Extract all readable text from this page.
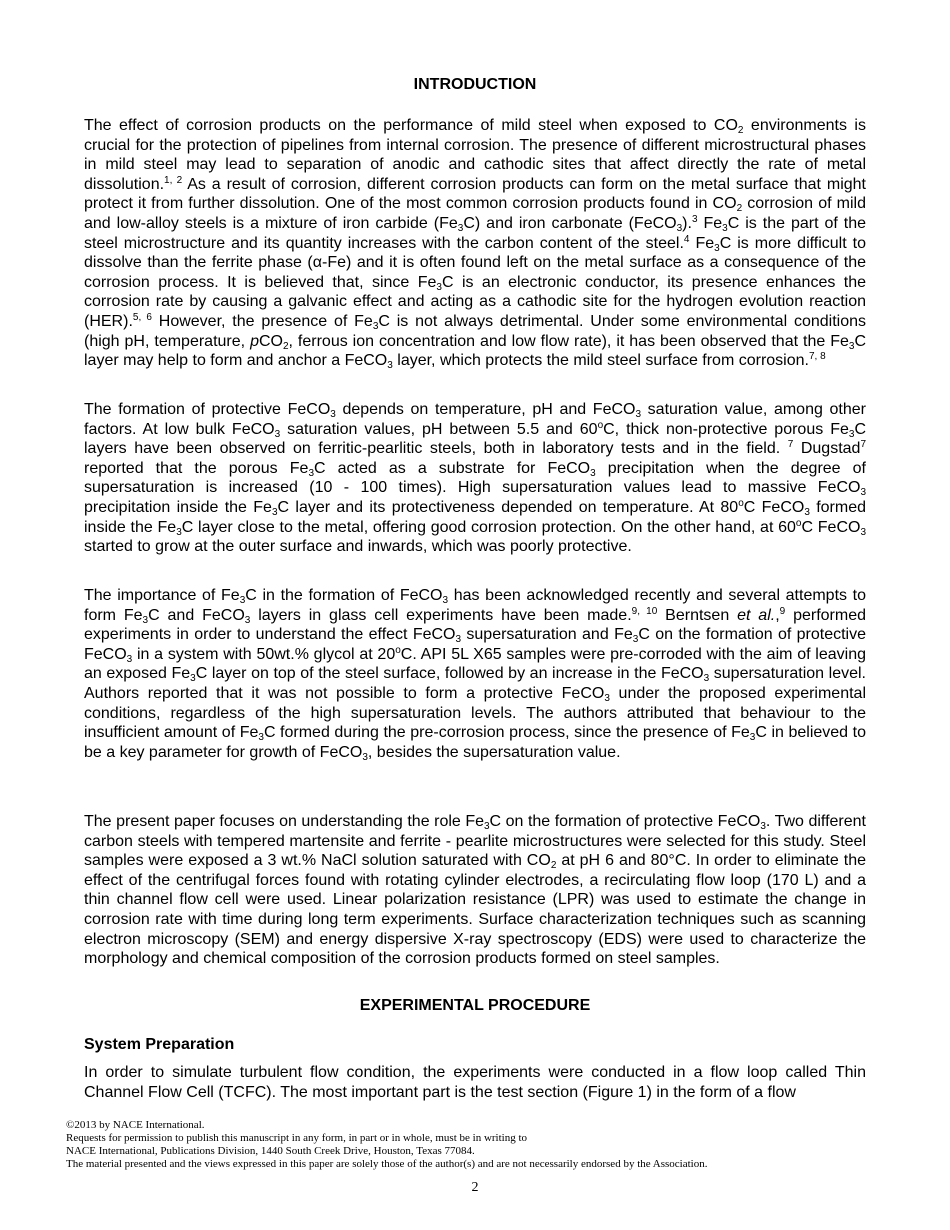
INTRODUCTION

The effect of corrosion products on the performance of mild steel when exposed to $CO_2$ environments is crucial for the protection of pipelines from internal corrosion. The presence of different microstructural phases in mild steel may lead to separation of anodic and cathodic sites that affect directly the rate of metal dissolution.$^{1, 2}$ As a result of corrosion, different corrosion products can form on the metal surface that might protect it from further dissolution. One of the most common corrosion products found in $CO_2$ corrosion of mild and low-alloy steels is a mixture of iron carbide $(Fe_3C)$ and iron carbonate (FeCO$_3$).$^3$ $Fe_3C$ is the part of the steel microstructure and its quantity increases with the carbon content of the steel.$^4$ $Fe_3C$ is more difficult to dissolve than the ferrite phase (α-Fe) and it is often found left on the metal surface as a consequence of the corrosion process. It is believed that, since $Fe_3C$ is an electronic conductor, its presence enhances the corrosion rate by causing a galvanic effect and acting as a cathodic site for the hydrogen evolution reaction (HER).$^{5, 6}$ However, the presence of $Fe_3C$ is not always detrimental. Under some environmental conditions (high pH, temperature, pCO$_2$, ferrous ion concentration and low flow rate), it has been observed that the $Fe_3C$ layer may help to form and anchor a FeCO$_3$ layer, which protects the mild steel surface from corrosion.$^{7, 8}$

The formation of protective FeCO$_3$ depends on temperature, pH and FeCO$_3$ saturation value, among other factors. At low bulk FeCO$_3$ saturation values, pH between 5.5 and 60$^o$C, thick non-protective porous $Fe_3C$ layers have been observed on ferritic-pearlitic steels, both in laboratory tests and in the field. $^7$ Dugstad$^7$ reported that the porous $Fe_3C$ acted as a substrate for FeCO$_3$ precipitation when the degree of supersaturation is increased (10 - 100 times). High supersaturation values lead to massive FeCO$_3$ precipitation inside the $Fe_3C$ layer and its protectiveness depended on temperature. At 80$^o$C FeCO$_3$ formed inside the $Fe_3C$ layer close to the metal, offering good corrosion protection. On the other hand, at 60$^o$C FeCO$_3$ started to grow at the outer surface and inwards, which was poorly protective.

The importance of $Fe_3C$ in the formation of FeCO$_3$ has been acknowledged recently and several attempts to form $Fe_3C$ and FeCO$_3$ layers in glass cell experiments have been made.$^{9, 10}$ Berntsen et al.,$^9$ performed experiments in order to understand the effect FeCO$_3$ supersaturation and $Fe_3C$ on the formation of protective FeCO$_3$ in a system with 50wt.% glycol at 20$^o$C. API 5L X65 samples were pre-corroded with the aim of leaving an exposed $Fe_3C$ layer on top of the steel surface, followed by an increase in the FeCO$_3$ supersaturation level. Authors reported that it was not possible to form a protective FeCO$_3$ under the proposed experimental conditions, regardless of the high supersaturation levels. The authors attributed that behaviour to the insufficient amount of $Fe_3C$ formed during the pre-corrosion process, since the presence of $Fe_3C$ in believed to be a key parameter for growth of FeCO$_3$, besides the supersaturation value.

The present paper focuses on understanding the role $Fe_3C$ on the formation of protective FeCO$_3$. Two different carbon steels with tempered martensite and ferrite - pearlite microstructures were selected for this study. Steel samples were exposed a 3 wt.% NaCl solution saturated with $CO_2$ at pH 6 and 80°C. In order to eliminate the effect of the centrifugal forces found with rotating cylinder electrodes, a recirculating flow loop (170 L) and a thin channel flow cell were used. Linear polarization resistance (LPR) was used to estimate the change in corrosion rate with time during long term experiments. Surface characterization techniques such as scanning electron microscopy (SEM) and energy dispersive X-ray spectroscopy (EDS) were used to characterize the morphology and chemical composition of the corrosion products formed on steel samples.

EXPERIMENTAL PROCEDURE
System Preparation

In order to simulate turbulent flow condition, the experiments were conducted in a flow loop called Thin Channel Flow Cell (TCFC). The most important part is the test section (Figure 1) in the form of a flow

©2013 by NACE International.
Requests for permission to publish this manuscript in any form, in part or in whole, must be in writing to
NACE International, Publications Division, 1440 South Creek Drive, Houston, Texas 77084.
The material presented and the views expressed in this paper are solely those of the author(s) and are not necessarily endorsed by the Association.
2
